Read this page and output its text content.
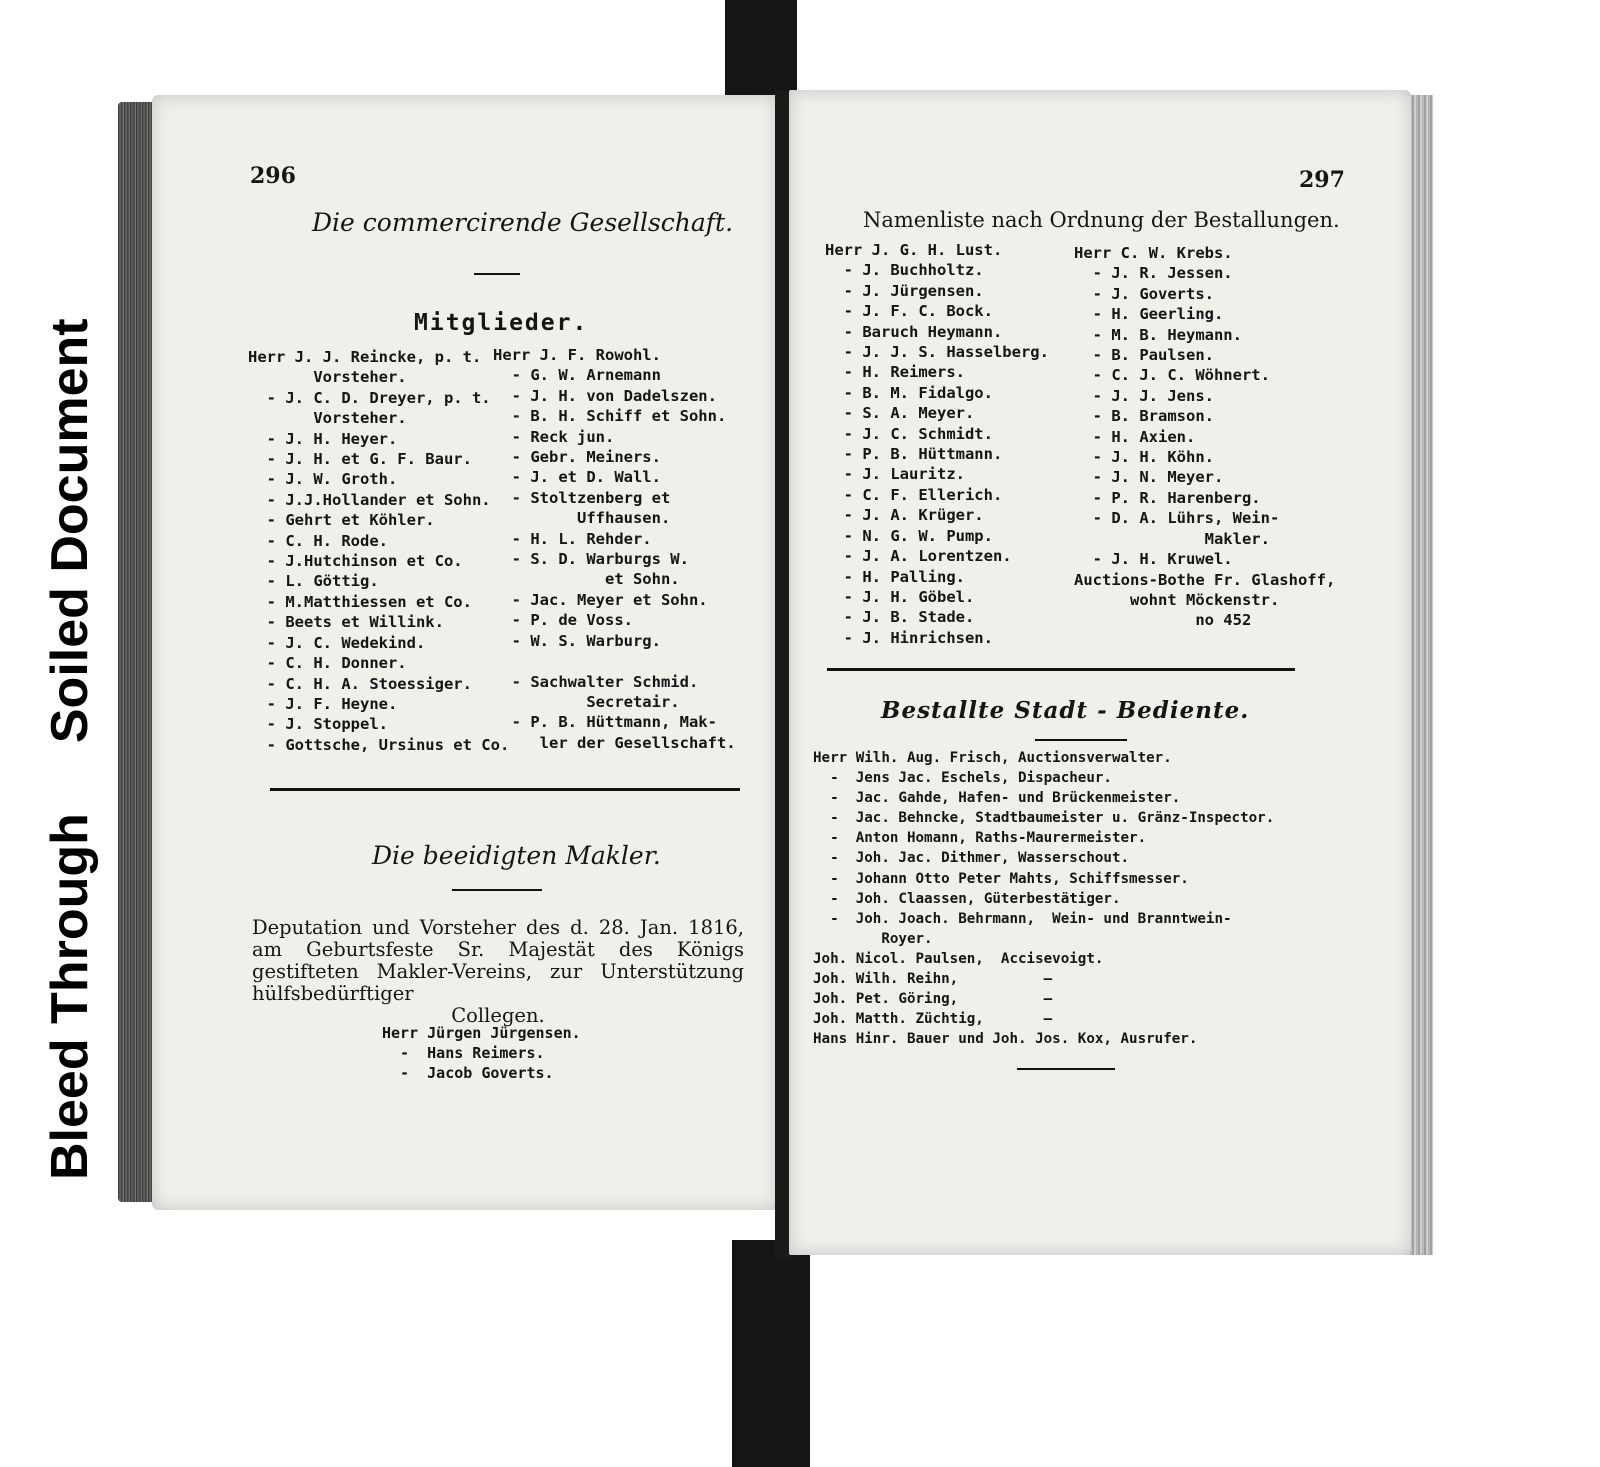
Bleed Through
Soiled Document
296
Die commercirende Gesellschaft.
Mitglieder.
Herr J. J. Reincke, p. t.
Vorsteher.
- J. C. D. Dreyer, p. t.
Vorsteher.
- J. H. Heyer.
- J. H. et G. F. Baur.
- J. W. Groth.
- J.J.Hollander et Sohn.
- Gehrt et Köhler.
- C. H. Rode.
- J.Hutchinson et Co.
- L. Göttig.
- M.Matthiessen et Co.
- Beets et Willink.
- J. C. Wedekind.
- C. H. Donner.
- C. H. A. Stoessiger.
- J. F. Heyne.
- J. Stoppel.
- Gottsche, Ursinus et Co.
Herr J. F. Rowohl.
- G. W. Arnemann
- J. H. von Dadelszen.
- B. H. Schiff et Sohn.
- Reck jun.
- Gebr. Meiners.
- J. et D. Wall.
- Stoltzenberg et
Uffhausen.
- H. L. Rehder.
- S. D. Warburgs W.
et Sohn.
- Jac. Meyer et Sohn.
- P. de Voss.
- W. S. Warburg.

- Sachwalter Schmid.
Secretair.
- P. B. Hüttmann, Mak-
ler der Gesellschaft.
Die beeidigten Makler.
Deputation und Vorsteher des d. 28. Jan. 1816, am Geburtsfeste Sr. Majestät des Königs gestifteten Makler-Vereins, zur Unterstützung hülfsbedürftiger
Collegen.
Herr Jürgen Jürgensen.
-  Hans Reimers.
-  Jacob Goverts.
297
Namenliste nach Ordnung der Bestallungen.
Herr J. G. H. Lust.
- J. Buchholtz.
- J. Jürgensen.
- J. F. C. Bock.
- Baruch Heymann.
- J. J. S. Hasselberg.
- H. Reimers.
- B. M. Fidalgo.
- S. A. Meyer.
- J. C. Schmidt.
- P. B. Hüttmann.
- J. Lauritz.
- C. F. Ellerich.
- J. A. Krüger.
- N. G. W. Pump.
- J. A. Lorentzen.
- H. Palling.
- J. H. Göbel.
- J. B. Stade.
- J. Hinrichsen.
Herr C. W. Krebs.
- J. R. Jessen.
- J. Goverts.
- H. Geerling.
- M. B. Heymann.
- B. Paulsen.
- C. J. C. Wöhnert.
- J. J. Jens.
- B. Bramson.
- H. Axien.
- J. H. Köhn.
- J. N. Meyer.
- P. R. Harenberg.
- D. A. Lührs, Wein-
Makler.
- J. H. Kruwel.
Auctions-Bothe Fr. Glashoff,
wohnt Möckenstr.
no 452
Bestallte Stadt - Bediente.
Herr Wilh. Aug. Frisch, Auctionsverwalter.
-  Jens Jac. Eschels, Dispacheur.
-  Jac. Gahde, Hafen- und Brückenmeister.
-  Jac. Behncke, Stadtbaumeister u. Gränz-Inspector.
-  Anton Homann, Raths-Maurermeister.
-  Joh. Jac. Dithmer, Wasserschout.
-  Johann Otto Peter Mahts, Schiffsmesser.
-  Joh. Claassen, Güterbestätiger.
-  Joh. Joach. Behrmann,  Wein- und Branntwein-
Royer.
Joh. Nicol. Paulsen,  Accisevoigt.
Joh. Wilh. Reihn,          —
Joh. Pet. Göring,          —
Joh. Matth. Züchtig,       —
Hans Hinr. Bauer und Joh. Jos. Kox, Ausrufer.
